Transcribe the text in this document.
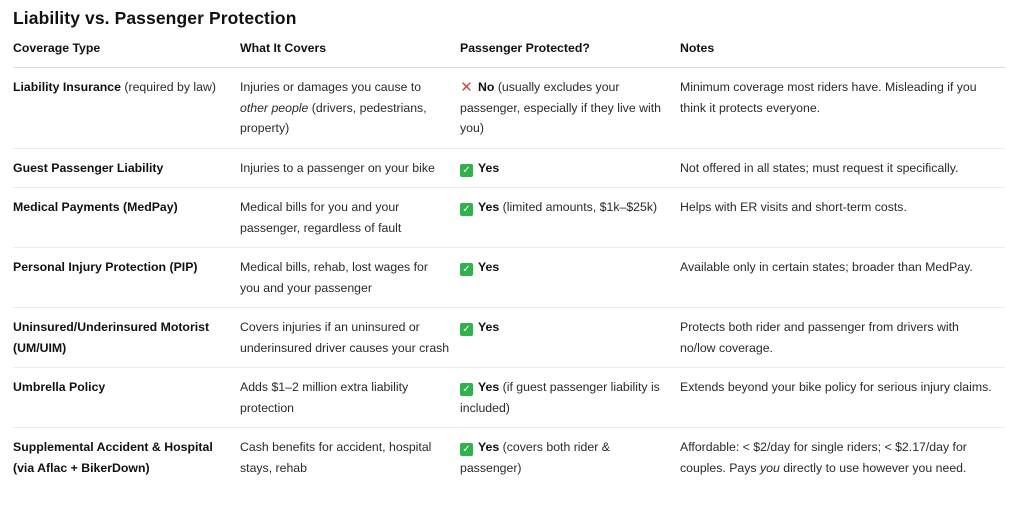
Liability vs. Passenger Protection
Coverage Type	What It Covers	Passenger Protected?	Notes
Liability Insurance (required by law)	Injuries or damages you cause to other people (drivers, pedestrians, property)	✕ No (usually excludes your passenger, especially if they live with you)	Minimum coverage most riders have. Misleading if you think it protects everyone.
Guest Passenger Liability	Injuries to a passenger on your bike	✓ Yes	Not offered in all states; must request it specifically.
Medical Payments (MedPay)	Medical bills for you and your passenger, regardless of fault	✓ Yes (limited amounts, $1k–$25k)	Helps with ER visits and short-term costs.
Personal Injury Protection (PIP)	Medical bills, rehab, lost wages for you and your passenger	✓ Yes	Available only in certain states; broader than MedPay.
Uninsured/Underinsured Motorist (UM/UIM)	Covers injuries if an uninsured or underinsured driver causes your crash	✓ Yes	Protects both rider and passenger from drivers with no/low coverage.
Umbrella Policy	Adds $1–2 million extra liability protection	✓ Yes (if guest passenger liability is included)	Extends beyond your bike policy for serious injury claims.
Supplemental Accident & Hospital (via Aflac + BikerDown)	Cash benefits for accident, hospital stays, rehab	✓ Yes (covers both rider & passenger)	Affordable: < $2/day for single riders; < $2.17/day for couples. Pays you directly to use however you need.
